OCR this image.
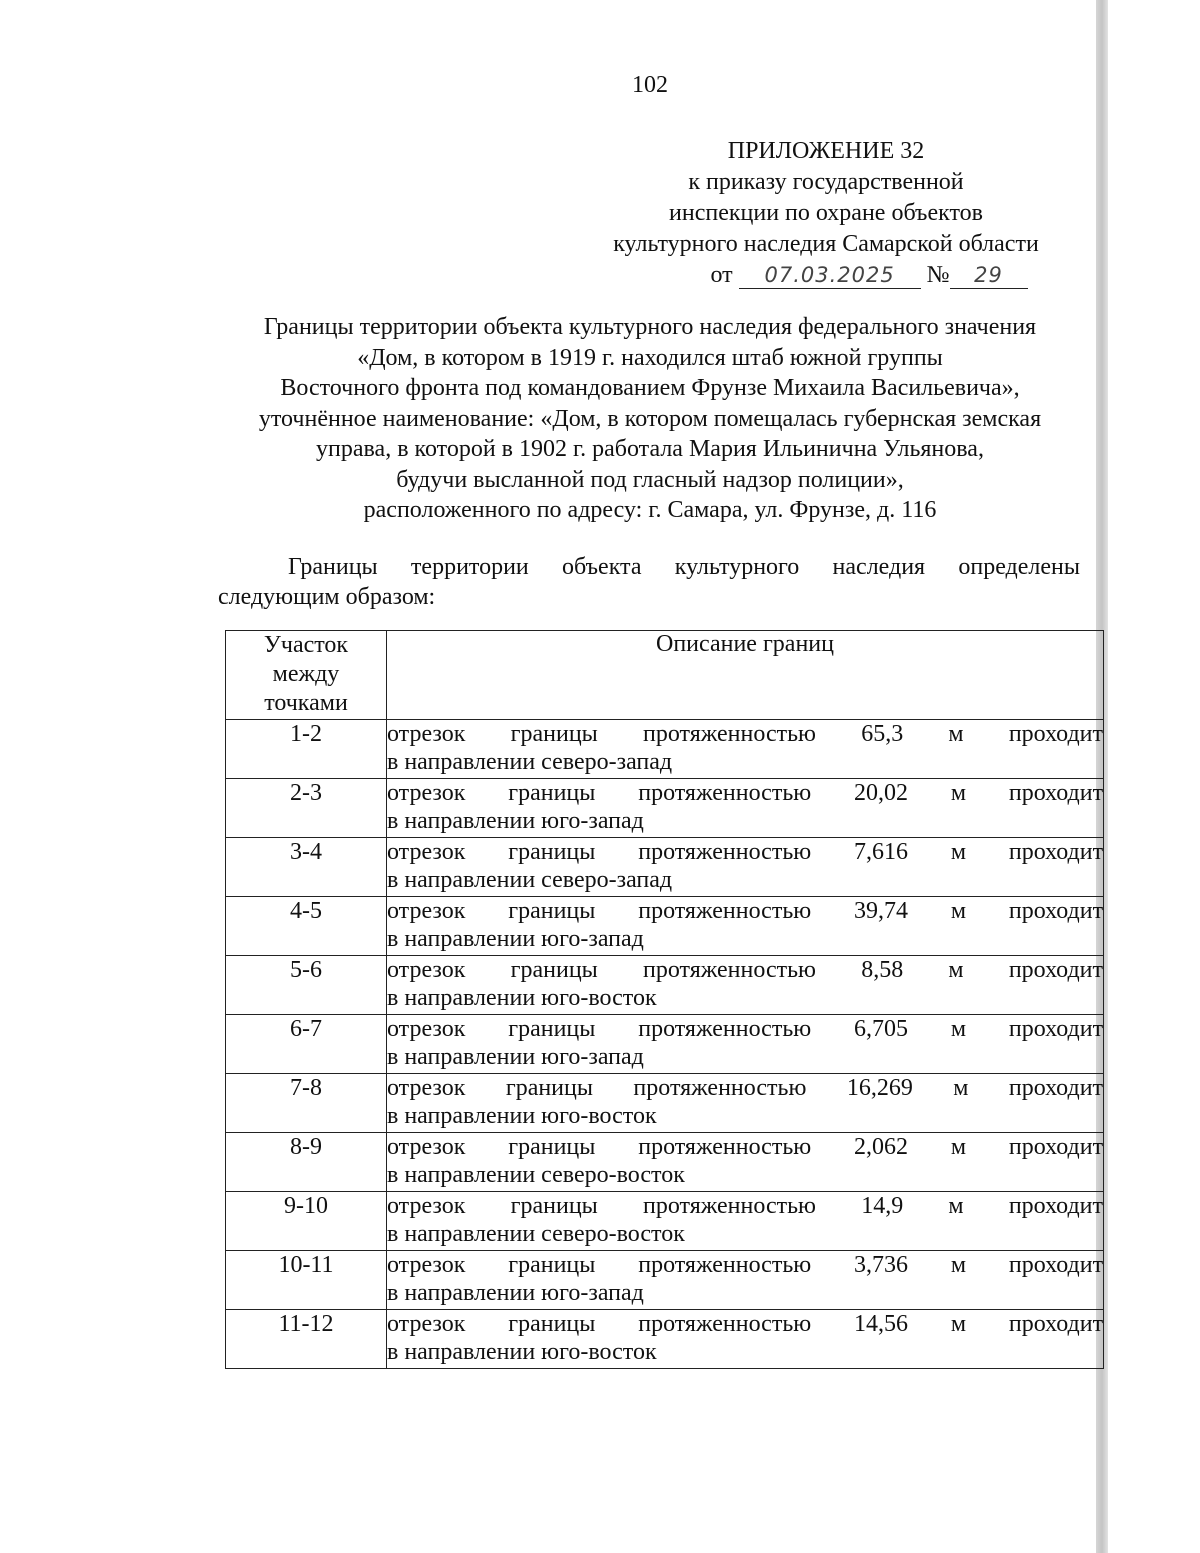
102
ПРИЛОЖЕНИЕ 32
к приказу государственной
инспекции по охране объектов
культурного наследия Самарской области
от 07.03.2025 № 29
Границы территории объекта культурного наследия федерального значения
«Дом, в котором в 1919 г. находился штаб южной группы
Восточного фронта под командованием Фрунзе Михаила Васильевича»,
уточнённое наименование: «Дом, в котором помещалась губернская земская
управа, в которой в 1902 г. работала Мария Ильинична Ульянова,
будучи высланной под гласный надзор полиции»,
расположенного по адресу: г. Самара, ул. Фрунзе, д. 116
Границы территории объекта культурного наследия определены
следующим образом:
Участок
между
точками	Описание границ
1-2	отрезок границы протяженностью 65,3 м проходит
в направлении северо-запад

2-3	отрезок границы протяженностью 20,02 м проходит
в направлении юго-запад

3-4	отрезок границы протяженностью 7,616 м проходит
в направлении северо-запад

4-5	отрезок границы протяженностью 39,74 м проходит
в направлении юго-запад

5-6	отрезок границы протяженностью 8,58 м проходит
в направлении юго-восток

6-7	отрезок границы протяженностью 6,705 м проходит
в направлении юго-запад

7-8	отрезок границы протяженностью 16,269 м проходит
в направлении юго-восток

8-9	отрезок границы протяженностью 2,062 м проходит
в направлении северо-восток

9-10	отрезок границы протяженностью 14,9 м проходит
в направлении северо-восток

10-11	отрезок границы протяженностью 3,736 м проходит
в направлении юго-запад

11-12	отрезок границы протяженностью 14,56 м проходит
в направлении юго-восток
